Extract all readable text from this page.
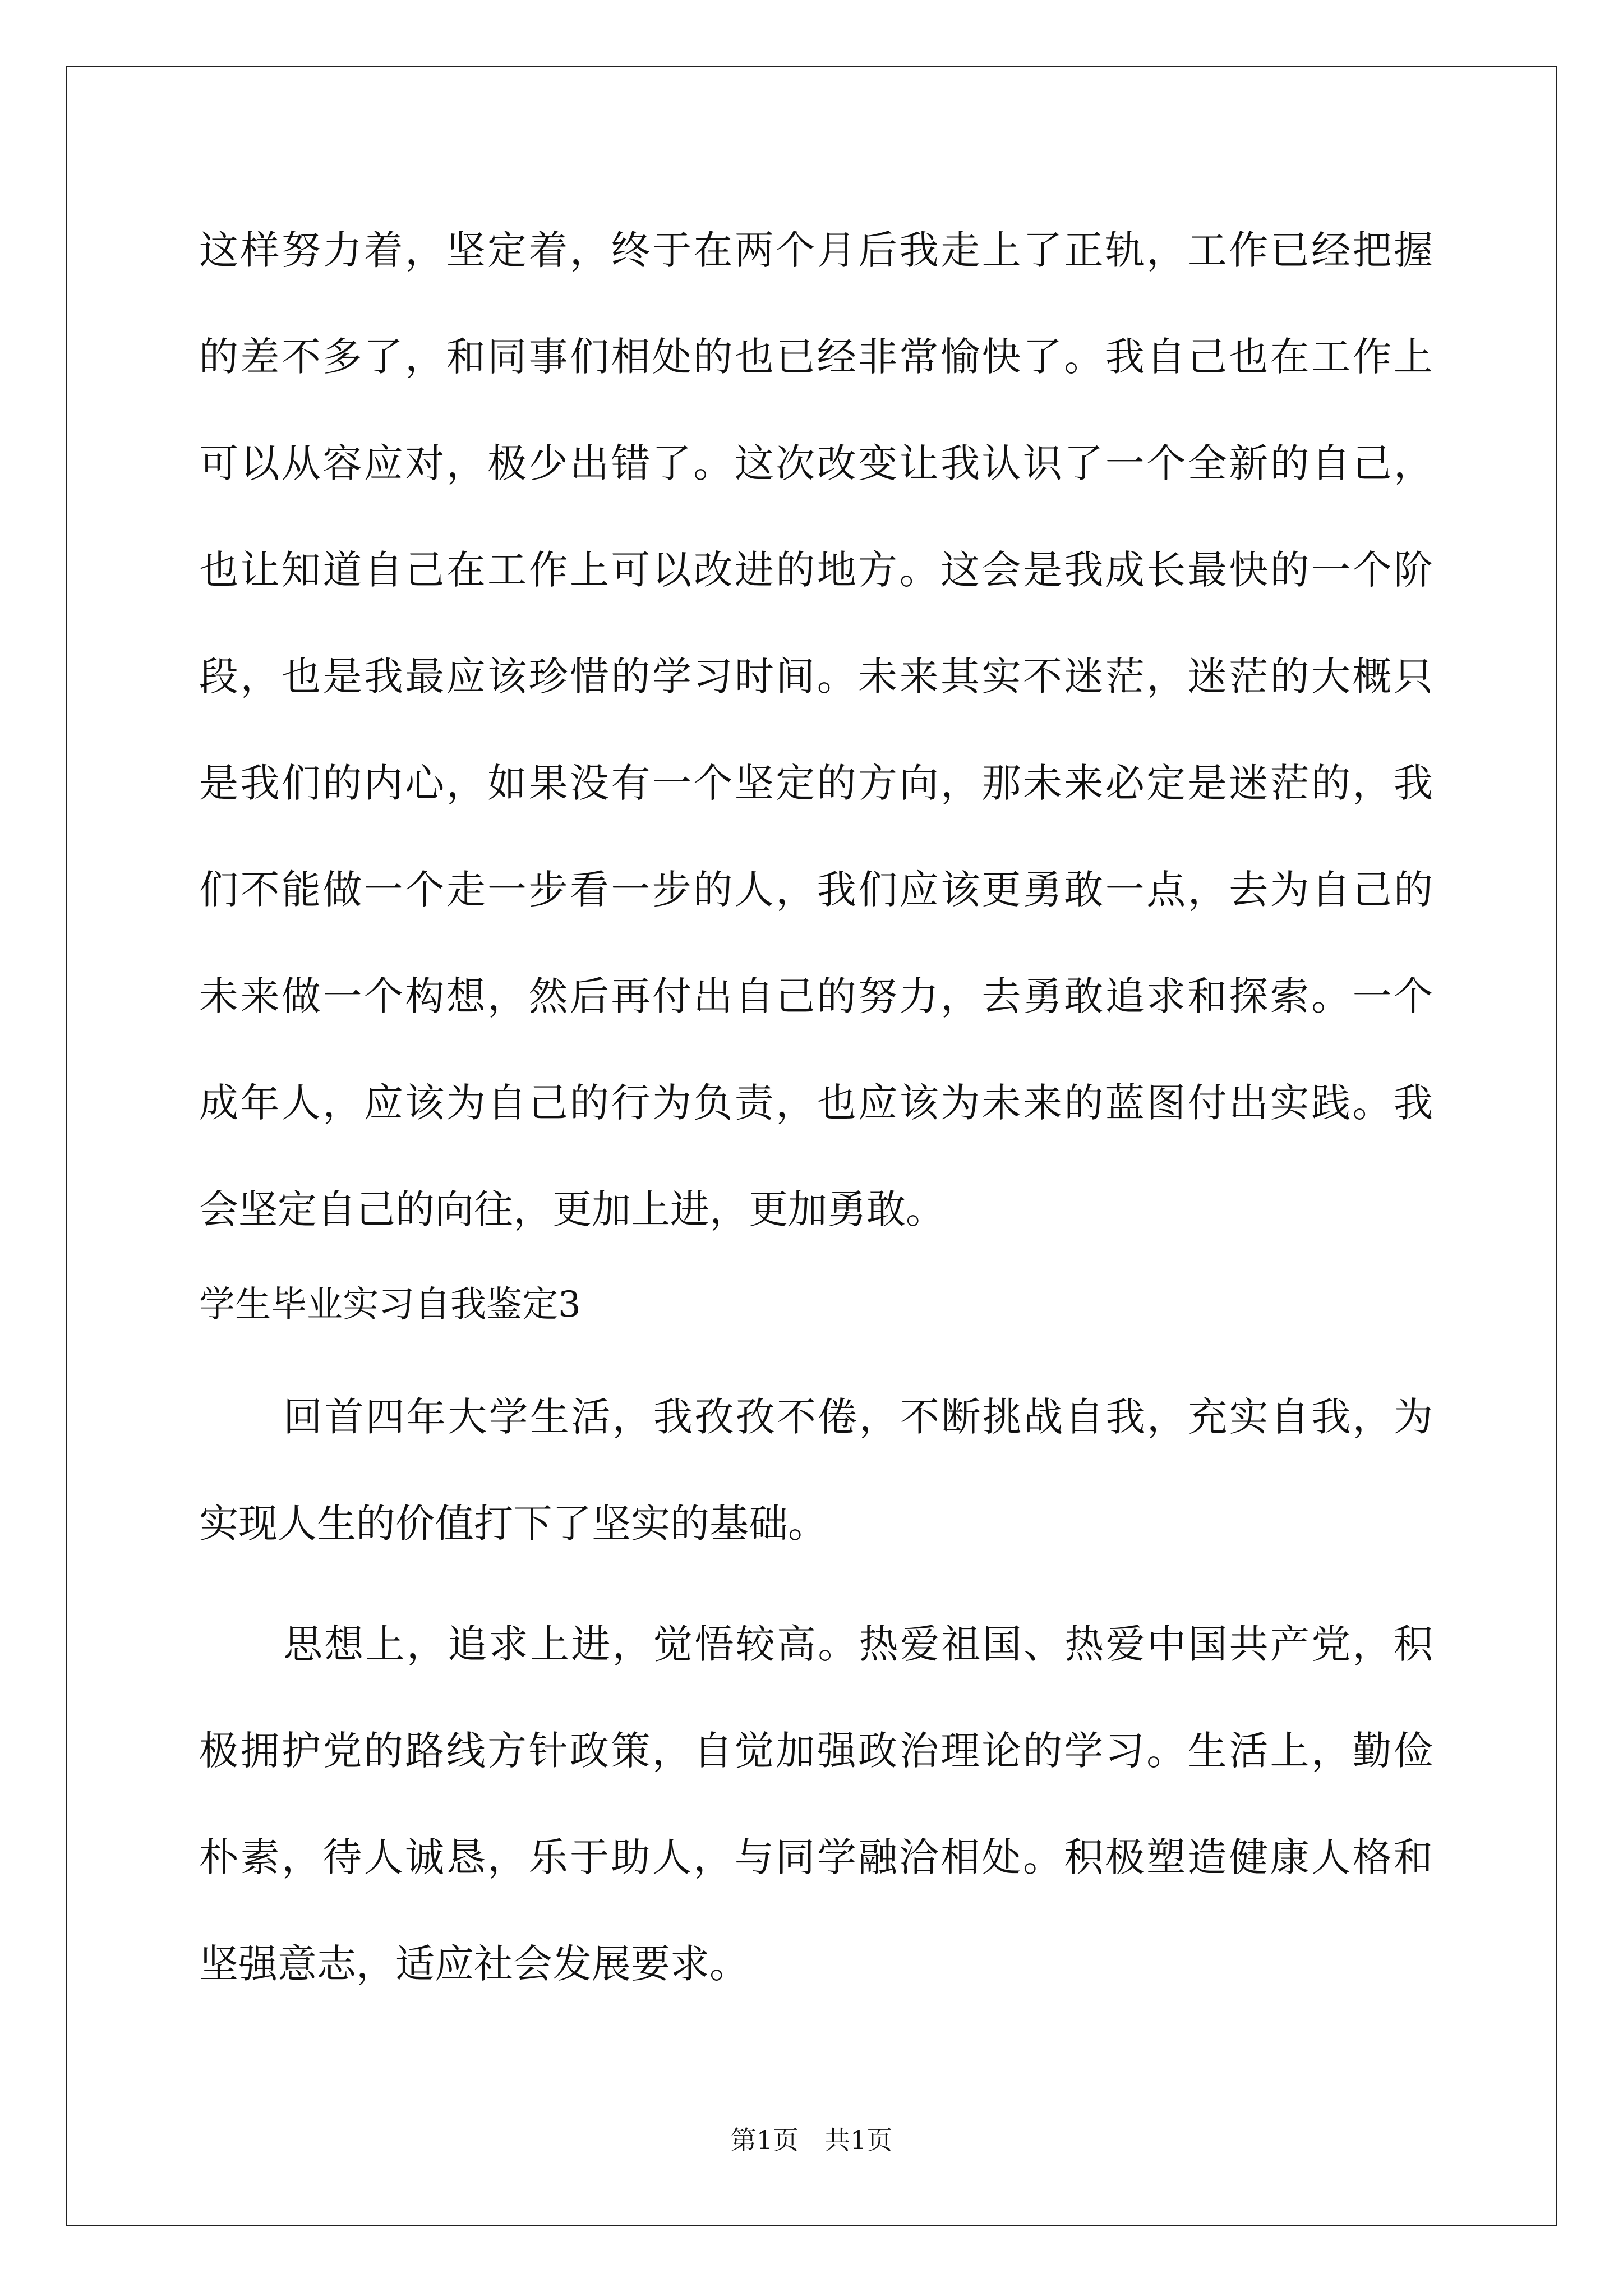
这样努力着，坚定着，终于在两个月后我走上了正轨，工作已经把握
的差不多了，和同事们相处的也已经非常愉快了。我自己也在工作上
可以从容应对，极少出错了。这次改变让我认识了一个全新的自己，
也让知道自己在工作上可以改进的地方。这会是我成长最快的一个阶
段，也是我最应该珍惜的学习时间。未来其实不迷茫，迷茫的大概只
是我们的内心，如果没有一个坚定的方向，那未来必定是迷茫的，我
们不能做一个走一步看一步的人，我们应该更勇敢一点，去为自己的
未来做一个构想，然后再付出自己的努力，去勇敢追求和探索。一个
成年人，应该为自己的行为负责，也应该为未来的蓝图付出实践。我
会坚定自己的向往，更加上进，更加勇敢。
学生毕业实习自我鉴定3
回首四年大学生活，我孜孜不倦，不断挑战自我，充实自我，为
实现人生的价值打下了坚实的基础。
思想上，追求上进，觉悟较高。热爱祖国、热爱中国共产党，积
极拥护党的路线方针政策，自觉加强政治理论的学习。生活上，勤俭
朴素，待人诚恳，乐于助人，与同学融洽相处。积极塑造健康人格和
坚强意志，适应社会发展要求。
第1页　共1页
